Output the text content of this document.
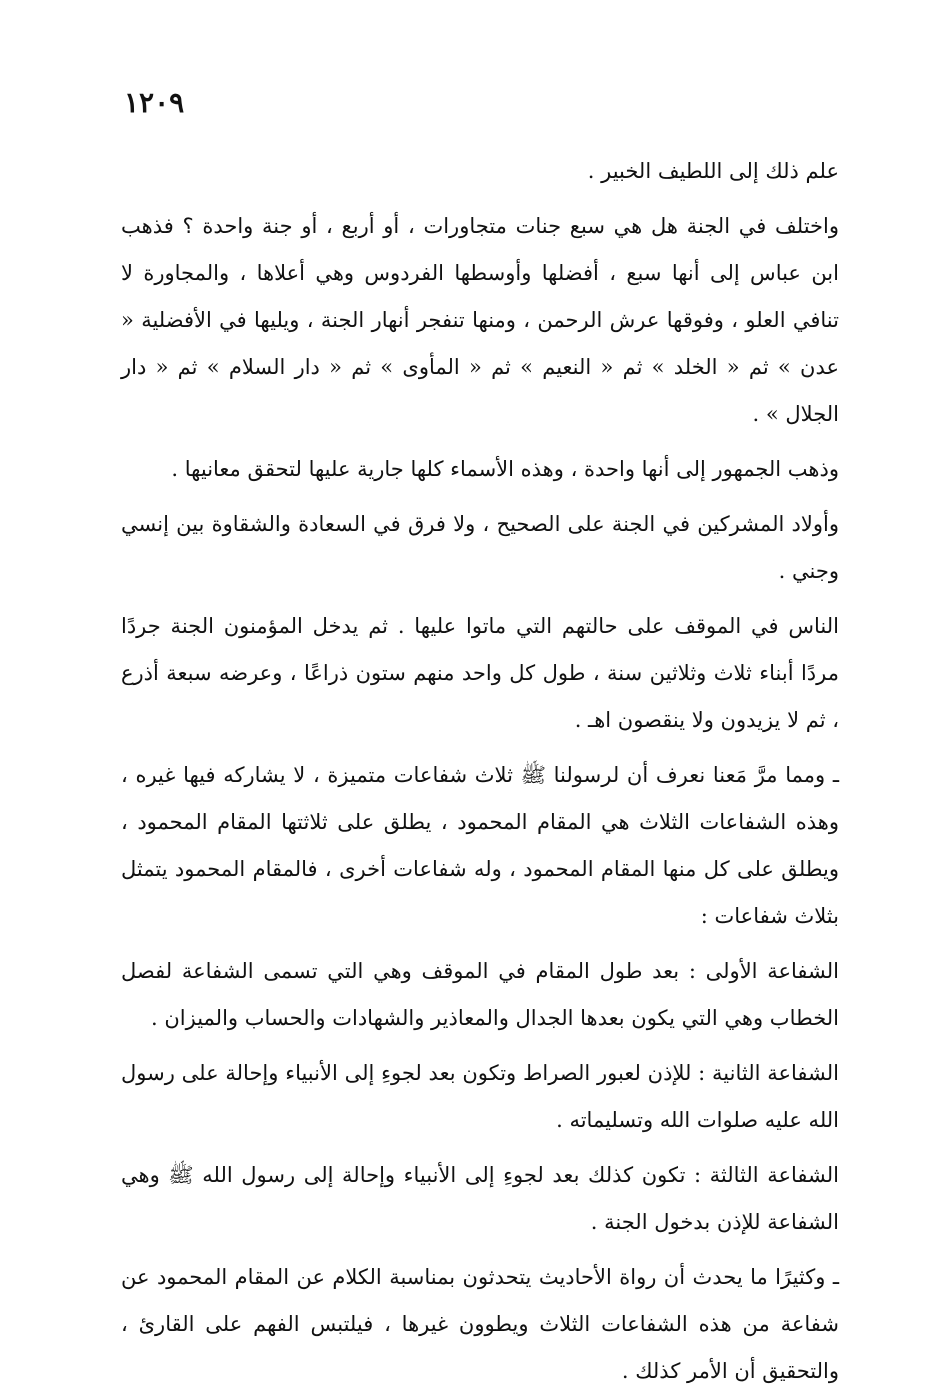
١٢٠٩

علم ذلك إلى اللطيف الخبير .

واختلف في الجنة هل هي سبع جنات متجاورات ، أو أربع ، أو جنة واحدة ؟ فذهب ابن عباس إلى أنها سبع ، أفضلها وأوسطها الفردوس وهي أعلاها ، والمجاورة لا تنافي العلو ، وفوقها عرش الرحمن ، ومنها تنفجر أنهار الجنة ، ويليها في الأفضلية « عدن » ثم « الخلد » ثم « النعيم » ثم « المأوى » ثم « دار السلام » ثم « دار الجلال » .

وذهب الجمهور إلى أنها واحدة ، وهذه الأسماء كلها جارية عليها لتحقق معانيها .

وأولاد المشركين في الجنة على الصحيح ، ولا فرق في السعادة والشقاوة بين إنسي وجني .

الناس في الموقف على حالتهم التي ماتوا عليها . ثم يدخل المؤمنون الجنة جردًا مردًا أبناء ثلاث وثلاثين سنة ، طول كل واحد منهم ستون ذراعًا ، وعرضه سبعة أذرع ، ثم لا يزيدون ولا ينقصون اهـ .

ـ ومما مرَّ مَعنا نعرف أن لرسولنا ﷺ ثلاث شفاعات متميزة ، لا يشاركه فيها غيره ، وهذه الشفاعات الثلاث هي المقام المحمود ، يطلق على ثلاثتها المقام المحمود ، ويطلق على كل منها المقام المحمود ، وله شفاعات أخرى ، فالمقام المحمود يتمثل بثلاث شفاعات :

الشفاعة الأولى : بعد طول المقام في الموقف وهي التي تسمى الشفاعة لفصل الخطاب وهي التي يكون بعدها الجدال والمعاذير والشهادات والحساب والميزان .

الشفاعة الثانية : للإذن لعبور الصراط وتكون بعد لجوءِ إلى الأنبياء وإحالة على رسول الله عليه صلوات الله وتسليماته .

الشفاعة الثالثة : تكون كذلك بعد لجوءِ إلى الأنبياء وإحالة إلى رسول الله ﷺ وهي الشفاعة للإذن بدخول الجنة .

ـ وكثيرًا ما يحدث أن رواة الأحاديث يتحدثون بمناسبة الكلام عن المقام المحمود عن شفاعة من هذه الشفاعات الثلاث ويطوون غيرها ، فيلتبس الفهم على القارئ ، والتحقيق أن الأمر كذلك .
